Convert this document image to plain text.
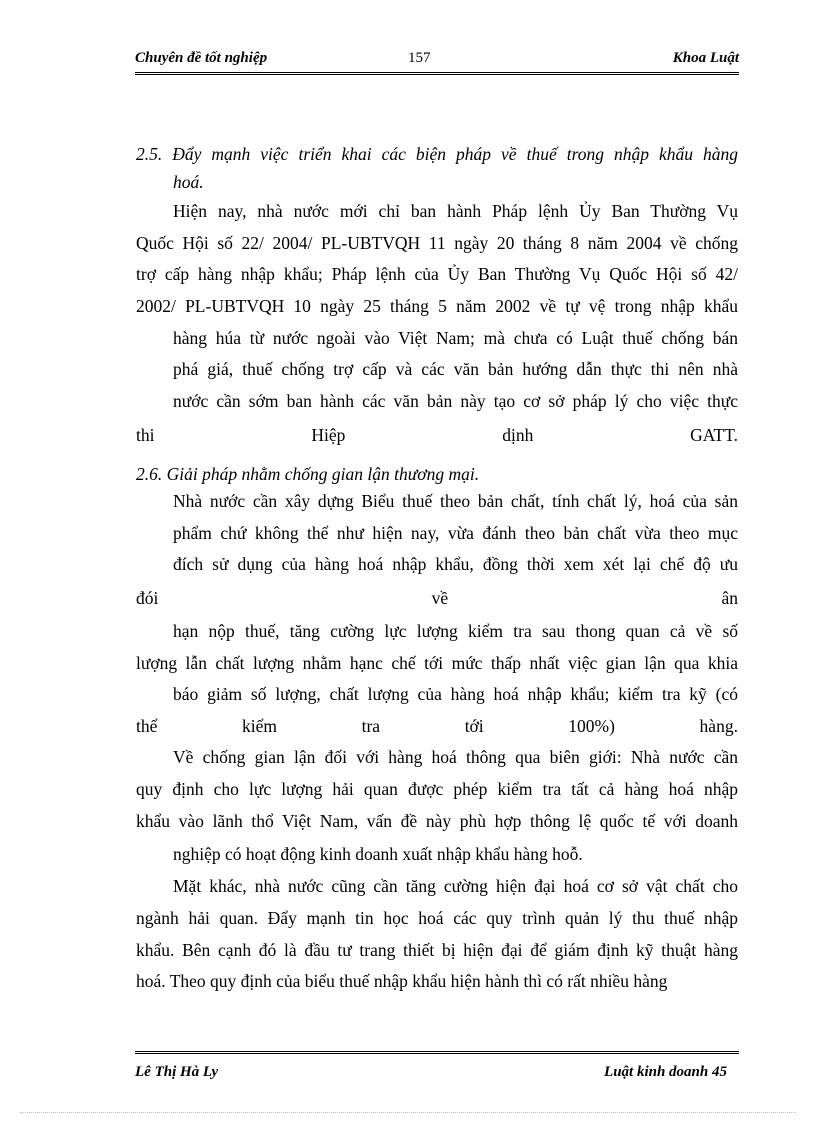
Chuyên đề tốt nghiệp	157	Khoa Luật
2.5. Đẩy mạnh việc triển khai các biện pháp về thuế trong nhập khẩu hàng
hoá.
Hiện nay, nhà nước mới chỉ ban hành Pháp lệnh Ủy Ban Thường Vụ
Quốc Hội số 22/ 2004/ PL-UBTVQH 11 ngày 20 tháng 8 năm 2004 về chống
trợ cấp hàng nhập khẩu; Pháp lệnh của Ủy Ban Thường Vụ Quốc Hội số 42/
2002/ PL-UBTVQH 10 ngày 25 tháng 5 năm 2002 về tự vệ trong nhập khẩu
hàng húa từ nước ngoài vào Việt Nam; mà chưa có Luật thuế chống bán
phá giá, thuế chống trợ cấp và các văn bản hướng dẫn thực thi nên nhà
nước cần sớm ban hành các văn bản này tạo cơ sở pháp lý cho việc thực
thi	Hiệp	dịnh	GATT.
2.6. Giải pháp nhằm chống gian lận thương mại.
Nhà nước cần xây dựng Biểu thuế theo bản chất, tính chất lý, hoá của sản
phẩm chứ không thể như hiện nay, vừa đánh theo bản chất vừa theo mục
đích sử dụng của hàng hoá nhập khẩu, đồng thời xem xét lại chế độ ưu
đói	về	ân
hạn nộp thuế, tăng cường lực lượng kiểm tra sau thong quan cả về số
lượng lẫn chất lượng nhằm hạnc chế tới mức thấp nhất việc gian lận qua khia
báo giảm số lượng, chất lượng của hàng hoá nhập khẩu; kiểm tra kỹ (có
thể	kiểm	tra	tới	100%)	hàng.
Về chống gian lận đối với hàng hoá thông qua biên giới: Nhà nước cần
quy định cho lực lượng hải quan được phép kiểm tra tất cả hàng hoá nhập
khẩu vào lãnh thổ Việt Nam, vấn đề này phù hợp thông lệ quốc tế với doanh
nghiệp có hoạt động kinh doanh xuất nhập khẩu hàng hoỗ.
Mặt khác, nhà nước cũng cần tăng cường hiện đại hoá cơ sở vật chất cho
ngành hải quan. Đẩy mạnh tin học hoá các quy trình quản lý thu thuế nhập
khẩu. Bên cạnh đó là đầu tư trang thiết bị hiện đại để giám định kỹ thuật hàng
hoá. Theo quy định của biểu thuế nhập khẩu hiện hành thì có rất nhiều hàng
Lê Thị Hà Ly	Luật kinh doanh 45
